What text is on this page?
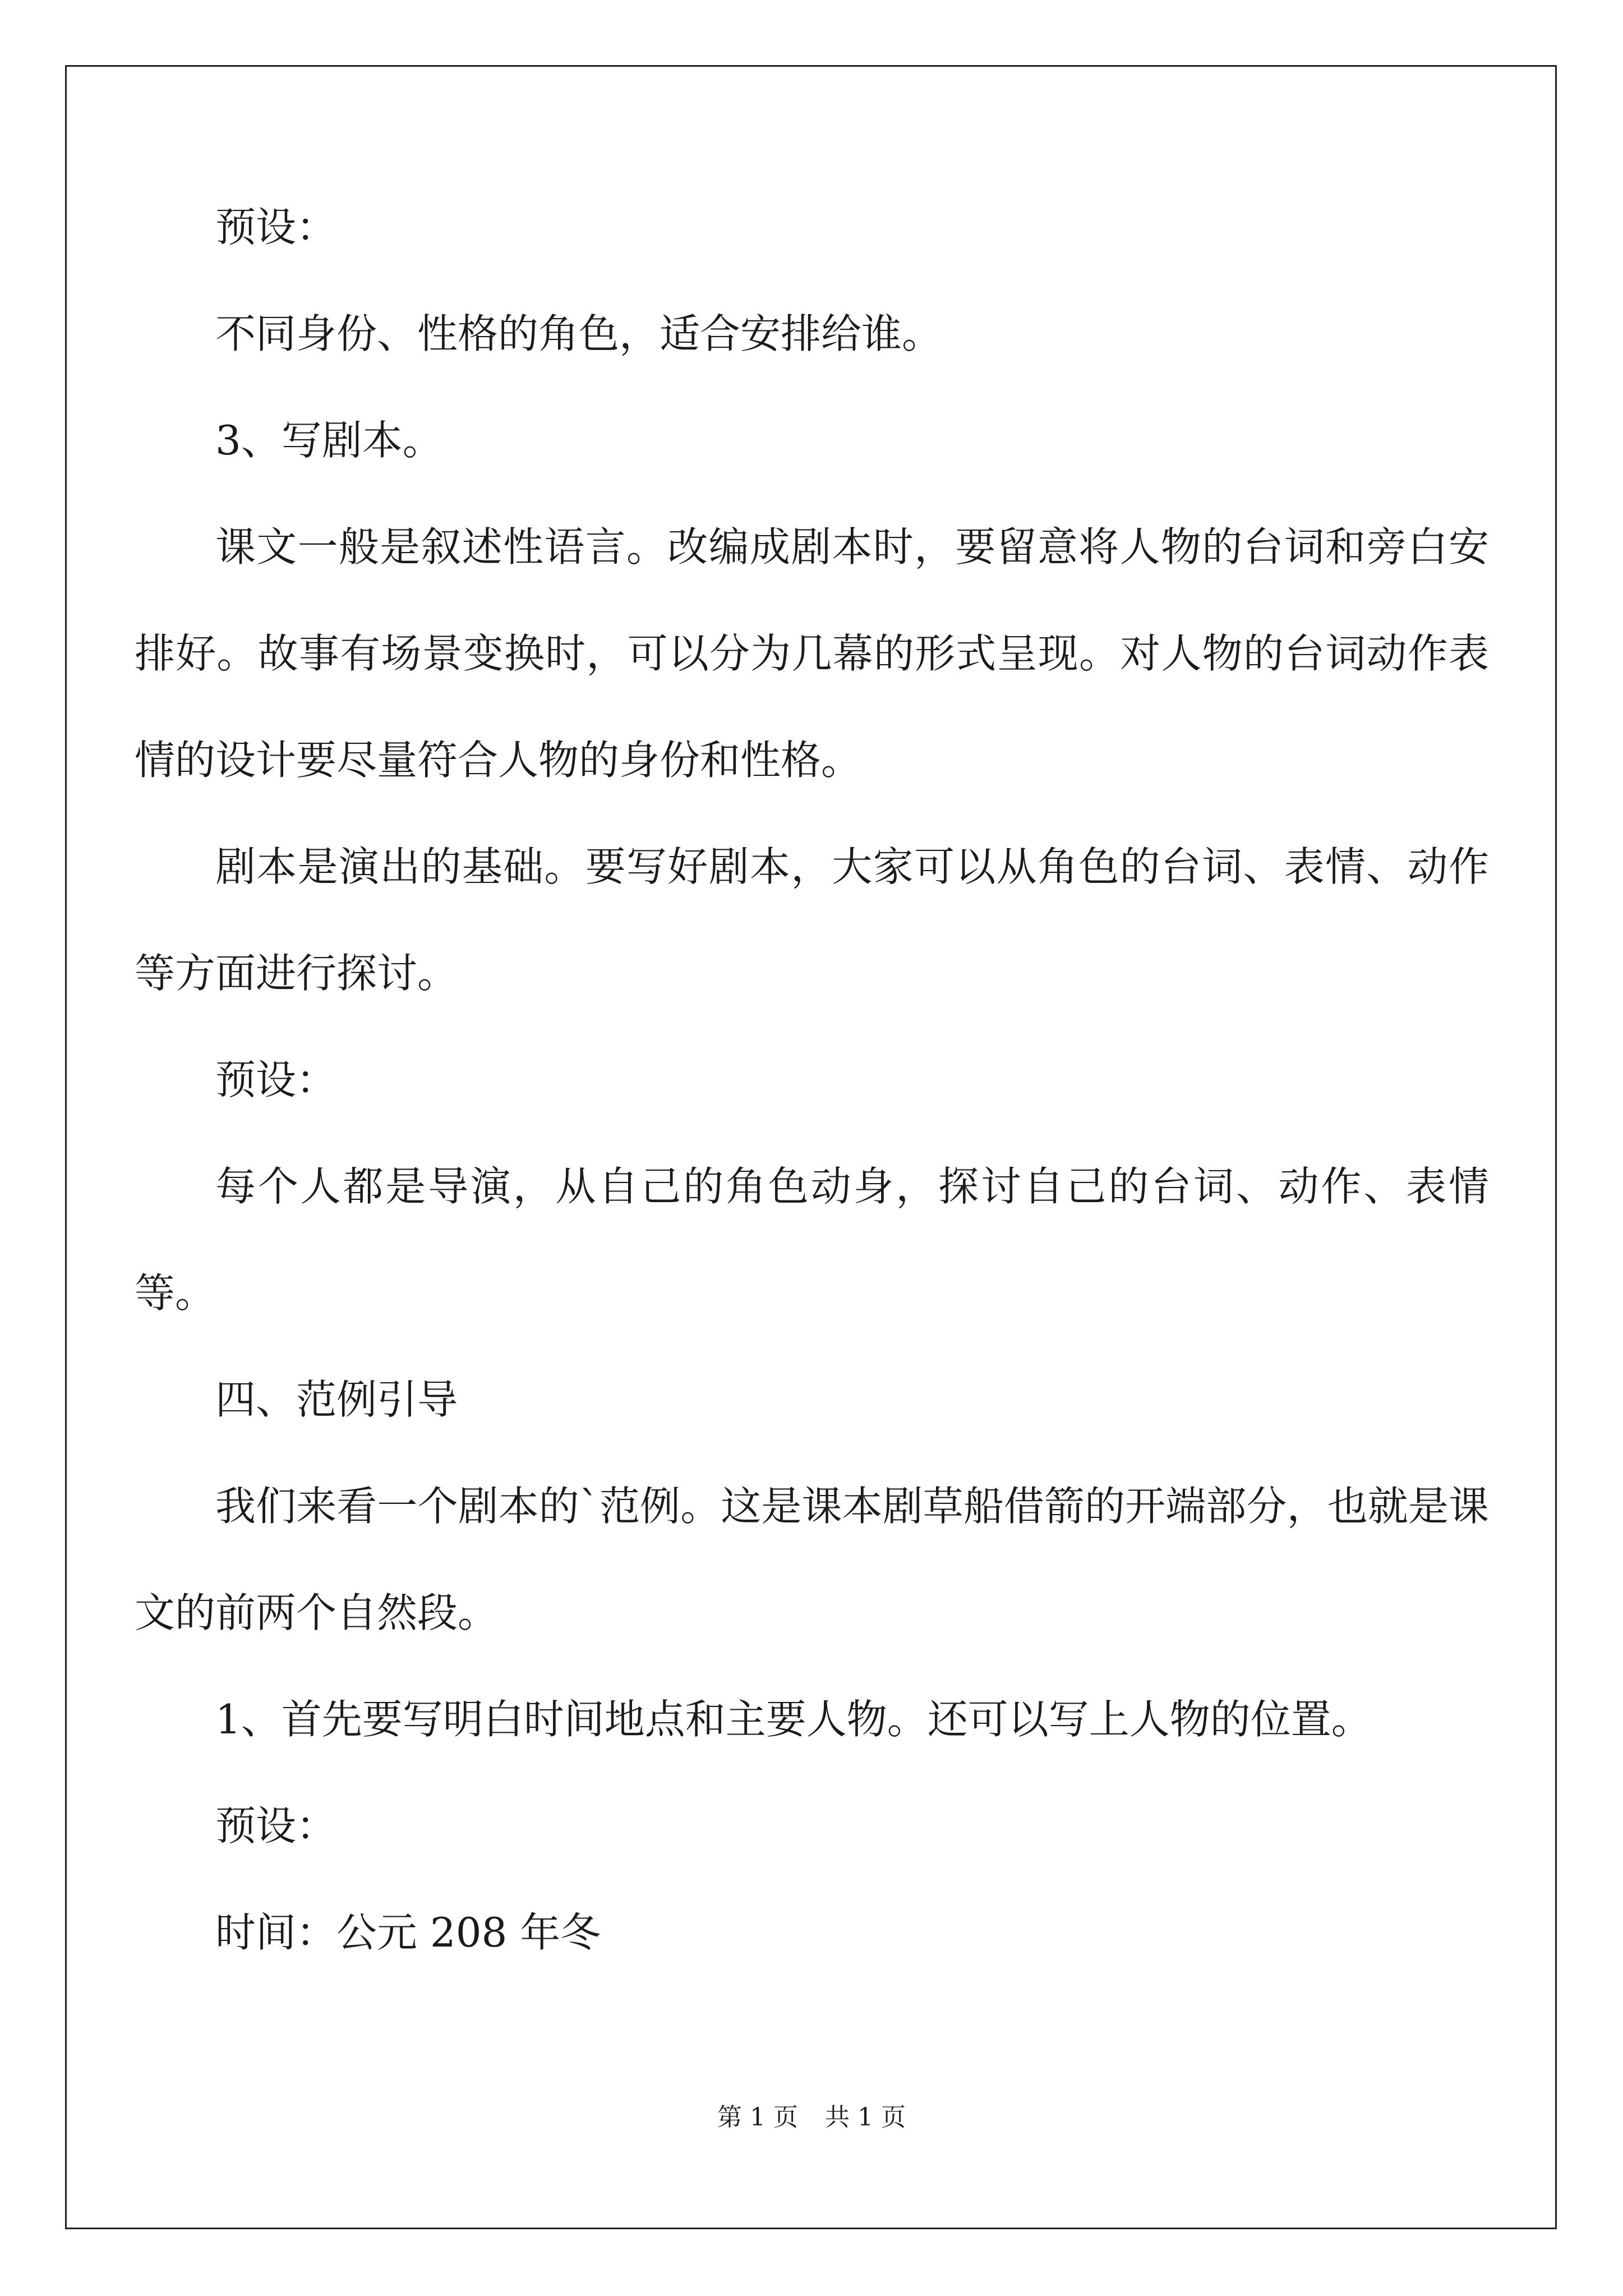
预设：

不同身份、性格的角色，适合安排给谁。

3、写剧本。

课文一般是叙述性语言。改编成剧本时，要留意将人物的台词和旁白安排好。故事有场景变换时，可以分为几幕的形式呈现。对人物的台词动作表情的设计要尽量符合人物的身份和性格。

剧本是演出的基础。要写好剧本，大家可以从角色的台词、表情、动作等方面进行探讨。

预设：

每个人都是导演，从自己的角色动身，探讨自己的台词、动作、表情等。

四、范例引导

我们来看一个剧本的`范例。这是课本剧草船借箭的开端部分，也就是课文的前两个自然段。

1、首先要写明白时间地点和主要人物。还可以写上人物的位置。

预设：

时间：公元 208 年冬

第 1 页 共 1 页
